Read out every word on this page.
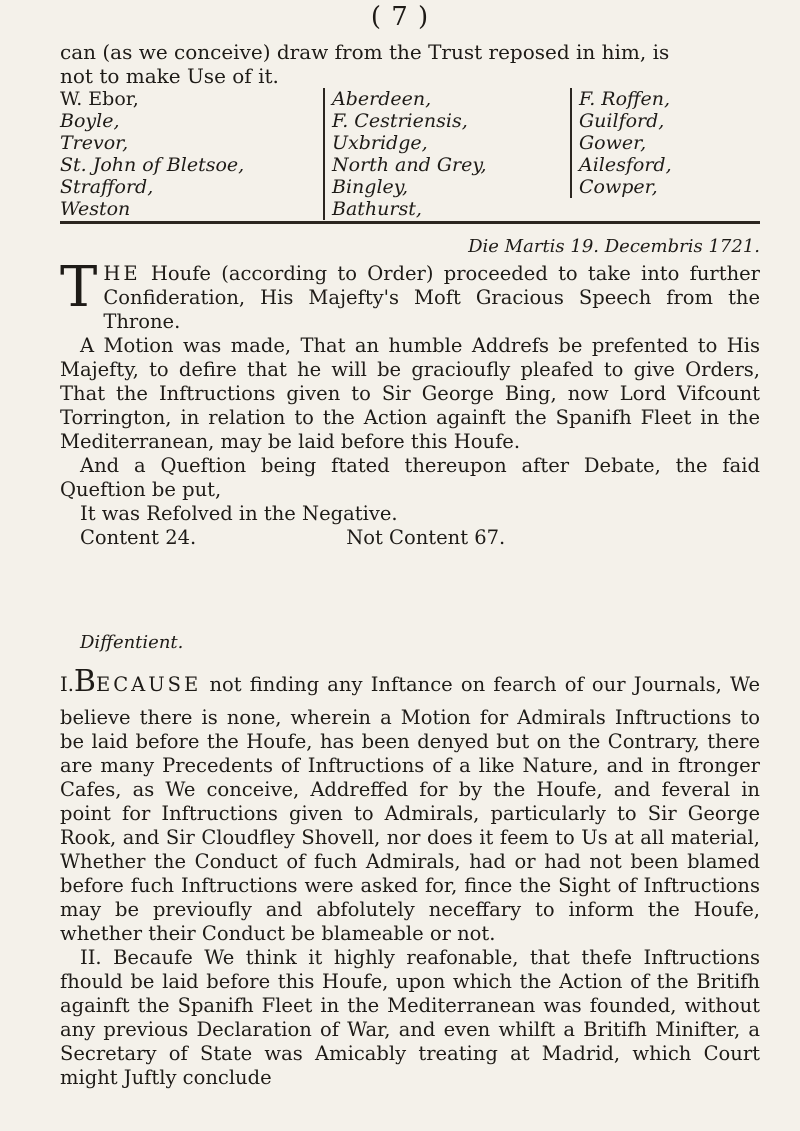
( 7 )
can (as we conceive) draw from the Trust reposed in him, is
not to make Use of it.
W. Ebor,
Boyle,
Trevor,
St. John of Bletsoe,
Strafford,
Weston
Aberdeen,
F. Cestriensis,
Uxbridge,
North and Grey,
Bingley,
Bathurst,
F. Roffen,
Guilford,
Gower,
Ailesford,
Cowper,
Die Martis 19. Decembris 1721.

THE Houfe (according to Order) proceeded to take into further Confideration, His Majefty's Moft Gracious Speech from the Throne.

A Motion was made, That an humble Addrefs be prefented to His Majefty, to defire that he will be gracioufly pleafed to give Orders, That the Inftructions given to Sir George Bing, now Lord Vifcount Torrington, in relation to the Action againft the Spanifh Fleet in the Mediterranean, may be laid before this Houfe.

And a Queftion being ftated thereupon after Debate, the faid Queftion be put,

It was Refolved in the Negative.

Content 24.	Not Content 67.

Diffentient.

I.BECAUSE not finding any Inftance on fearch of our Journals, We believe there is none, wherein a Motion for Admirals Inftructions to be laid before the Houfe, has been denyed but on the Contrary, there are many Precedents of Inftructions of a like Nature, and in ftronger Cafes, as We conceive, Addreffed for by the Houfe, and feveral in point for Inftructions given to Admirals, particularly to Sir George Rook, and Sir Cloudfley Shovell, nor does it feem to Us at all material, Whether the Conduct of fuch Admirals, had or had not been blamed before fuch Inftructions were asked for, fince the Sight of Inftructions may be previoufly and abfolutely neceffary to inform the Houfe, whether their Conduct be blameable or not.

II. Becaufe We think it highly reafonable, that thefe Inftructions fhould be laid before this Houfe, upon which the Action of the Britifh againft the Spanifh Fleet in the Mediterranean was founded, without any previous Declaration of War, and even whilft a Britifh Minifter, a Secretary of State was Amicably treating at Madrid, which Court might Juftly conclude
